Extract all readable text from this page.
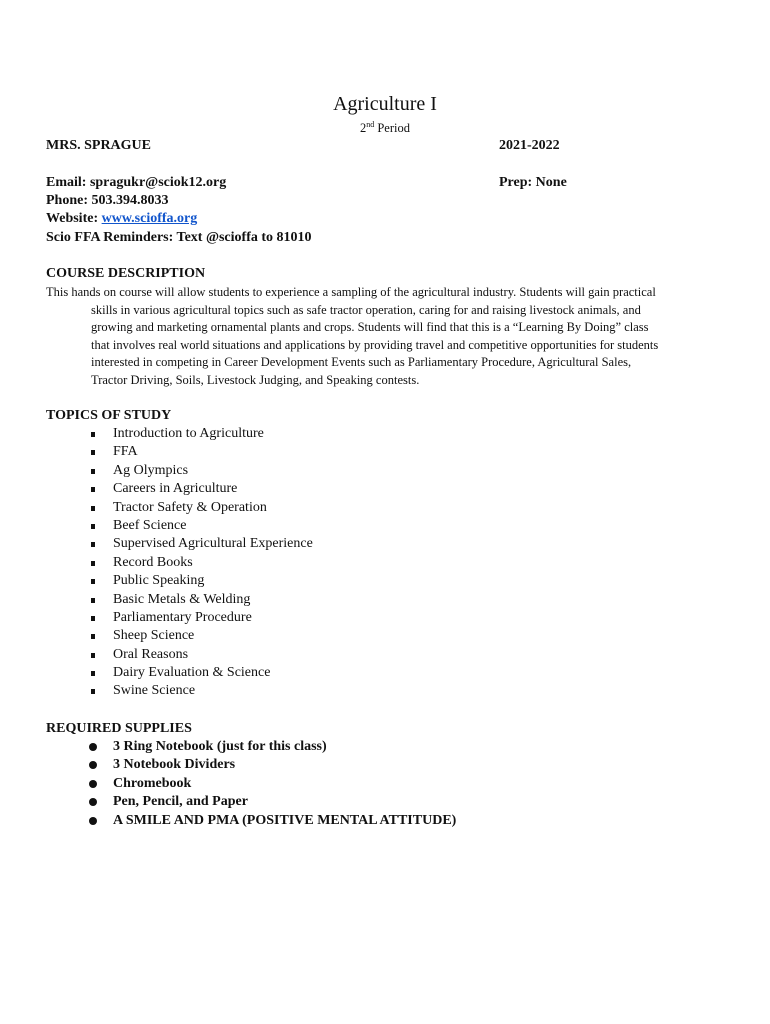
Agriculture I
2nd Period
MRS. SPRAGUE	2021-2022
Email: spragukr@sciok12.org	Prep: None
Phone: 503.394.8033
Website: www.scioffa.org
Scio FFA Reminders: Text @scioffa to 81010
COURSE DESCRIPTION
This hands on course will allow students to experience a sampling of the agricultural industry. Students will gain practical
skills in various agricultural topics such as safe tractor operation, caring for and raising livestock animals, and
growing and marketing ornamental plants and crops. Students will find that this is a “Learning By Doing” class
that involves real world situations and applications by providing travel and competitive opportunities for students
interested in competing in Career Development Events such as Parliamentary Procedure, Agricultural Sales,
Tractor Driving, Soils, Livestock Judging, and Speaking contests.
TOPICS OF STUDY
Introduction to Agriculture
FFA
Ag Olympics
Careers in Agriculture
Tractor Safety & Operation
Beef Science
Supervised Agricultural Experience
Record Books
Public Speaking
Basic Metals & Welding
Parliamentary Procedure
Sheep Science
Oral Reasons
Dairy Evaluation & Science
Swine Science
REQUIRED SUPPLIES
3 Ring Notebook (just for this class)
3 Notebook Dividers
Chromebook
Pen, Pencil, and Paper
A SMILE AND PMA (POSITIVE MENTAL ATTITUDE)
